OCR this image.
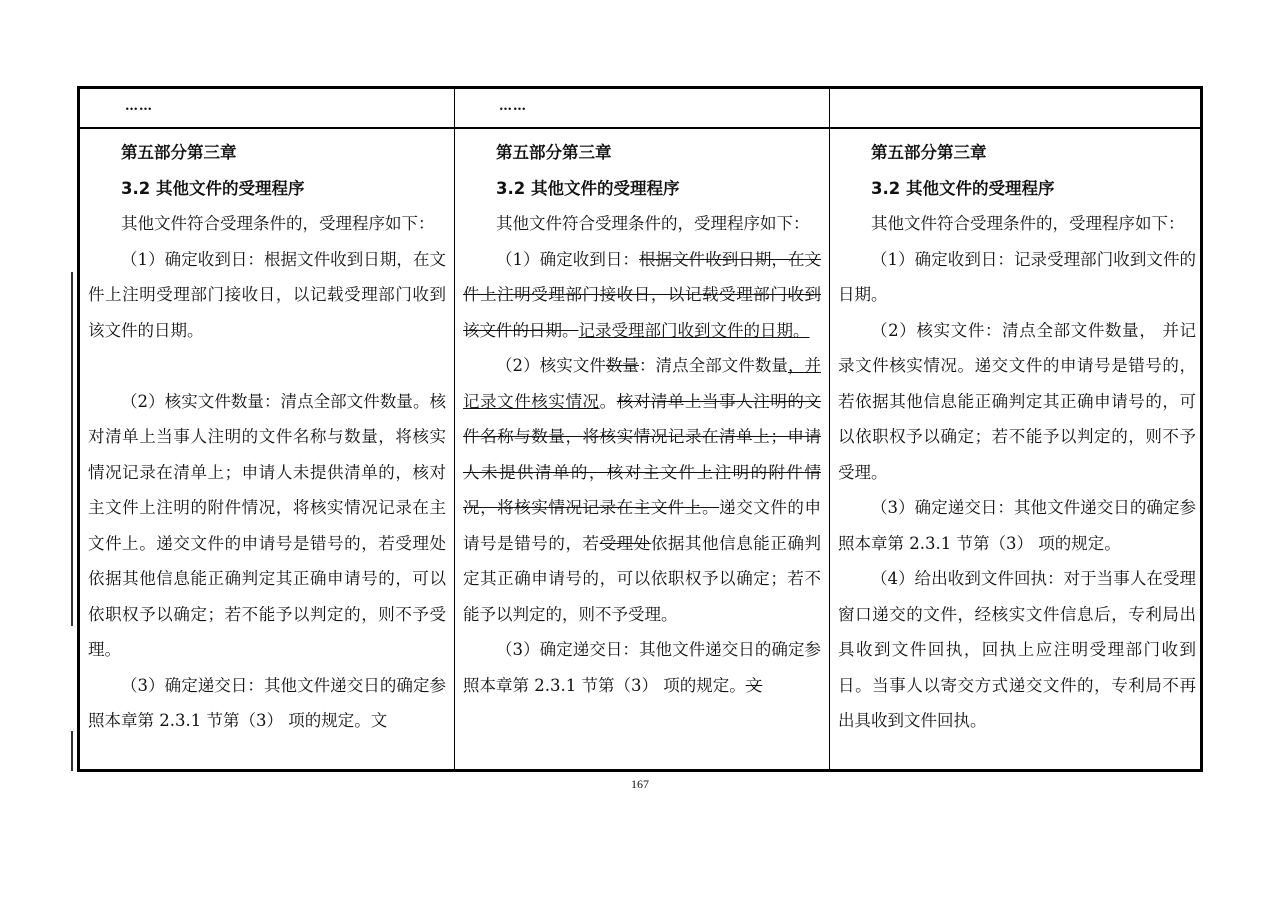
……	……

第五部分第三章

3.2 其他文件的受理程序

其他文件符合受理条件的，受理程序如下：

（1）确定收到日：根据文件收到日期，在文件上注明受理部门接收日，以记载受理部门收到该文件的日期。

（2）核实文件数量：清点全部文件数量。核对清单上当事人注明的文件名称与数量，将核实情况记录在清单上；申请人未提供清单的，核对主文件上注明的附件情况，将核实情况记录在主文件上。递交文件的申请号是错号的，若受理处依据其他信息能正确判定其正确申请号的，可以依职权予以确定；若不能予以判定的，则不予受理。

（3）确定递交日：其他文件递交日的确定参照本章第 2.3.1 节第（3） 项的规定。文

第五部分第三章

3.2 其他文件的受理程序

其他文件符合受理条件的，受理程序如下：

（1）确定收到日：根据文件收到日期，在文件上注明受理部门接收日，以记载受理部门收到该文件的日期。记录受理部门收到文件的日期。

（2）核实文件数量：清点全部文件数量，并记录文件核实情况。核对清单上当事人注明的文件名称与数量，将核实情况记录在清单上；申请人未提供清单的，核对主文件上注明的附件情况，将核实情况记录在主文件上。递交文件的申请号是错号的，若受理处依据其他信息能正确判定其正确申请号的，可以依职权予以确定；若不能予以判定的，则不予受理。

（3）确定递交日：其他文件递交日的确定参照本章第 2.3.1 节第（3） 项的规定。文

第五部分第三章

3.2 其他文件的受理程序

其他文件符合受理条件的，受理程序如下：

（1）确定收到日：记录受理部门收到文件的日期。

（2）核实文件：清点全部文件数量， 并记录文件核实情况。递交文件的申请号是错号的，若依据其他信息能正确判定其正确申请号的，可以依职权予以确定；若不能予以判定的，则不予受理。

（3）确定递交日：其他文件递交日的确定参照本章第 2.3.1 节第（3） 项的规定。

（4）给出收到文件回执：对于当事人在受理窗口递交的文件，经核实文件信息后，专利局出具收到文件回执，回执上应注明受理部门收到日。当事人以寄交方式递交文件的，专利局不再出具收到文件回执。

167
